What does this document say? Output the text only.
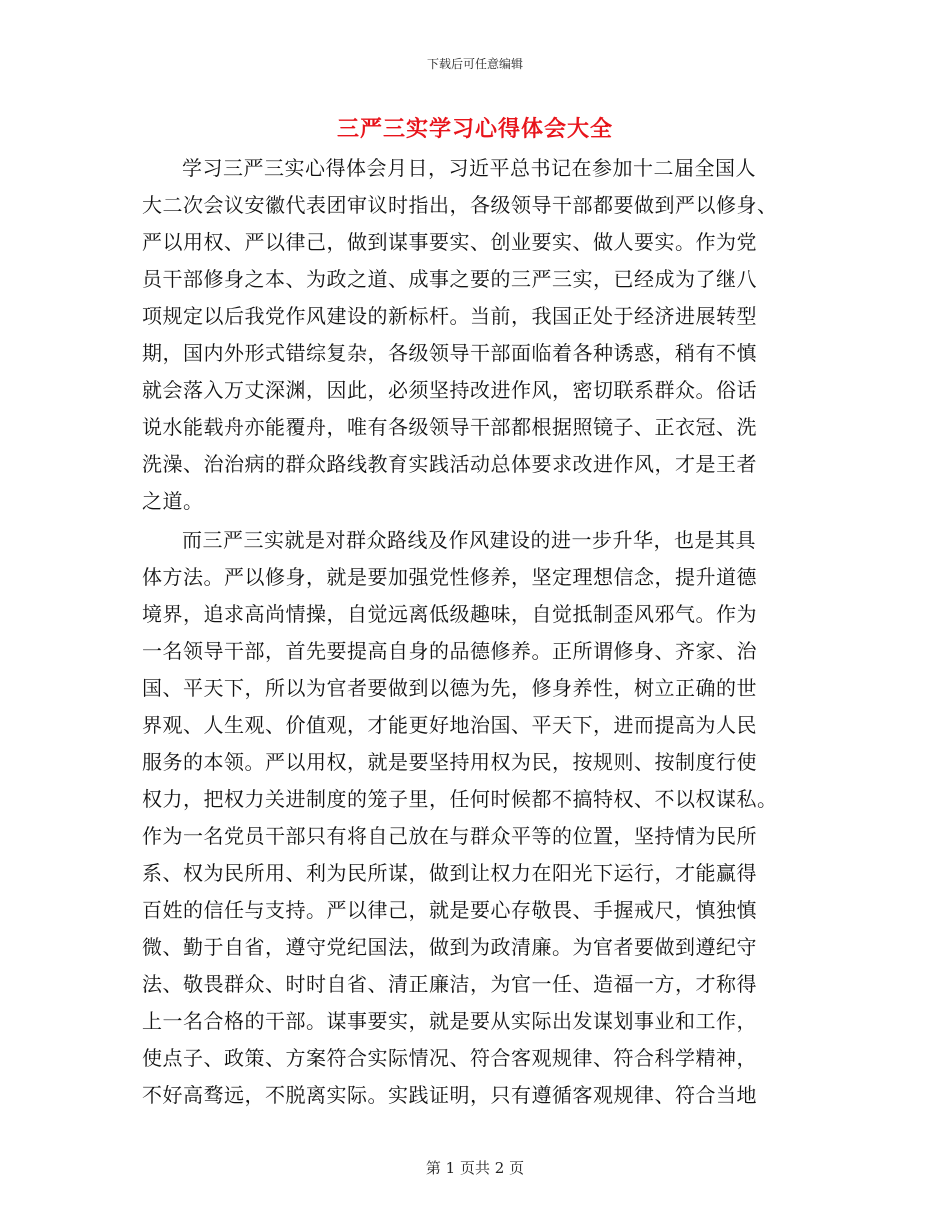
下载后可任意编辑
三严三实学习心得体会大全
学习三严三实心得体会月日，习近平总书记在参加十二届全国人
大二次会议安徽代表团审议时指出，各级领导干部都要做到严以修身、
严以用权、严以律己，做到谋事要实、创业要实、做人要实。作为党
员干部修身之本、为政之道、成事之要的三严三实，已经成为了继八
项规定以后我党作风建设的新标杆。当前，我国正处于经济进展转型
期，国内外形式错综复杂，各级领导干部面临着各种诱惑，稍有不慎
就会落入万丈深渊，因此，必须坚持改进作风，密切联系群众。俗话
说水能载舟亦能覆舟，唯有各级领导干部都根据照镜子、正衣冠、洗
洗澡、治治病的群众路线教育实践活动总体要求改进作风，才是王者
之道。
而三严三实就是对群众路线及作风建设的进一步升华，也是其具
体方法。严以修身，就是要加强党性修养，坚定理想信念，提升道德
境界，追求高尚情操，自觉远离低级趣味，自觉抵制歪风邪气。作为
一名领导干部，首先要提高自身的品德修养。正所谓修身、齐家、治
国、平天下，所以为官者要做到以德为先，修身养性，树立正确的世
界观、人生观、价值观，才能更好地治国、平天下，进而提高为人民
服务的本领。严以用权，就是要坚持用权为民，按规则、按制度行使
权力，把权力关进制度的笼子里，任何时候都不搞特权、不以权谋私。
作为一名党员干部只有将自己放在与群众平等的位置，坚持情为民所
系、权为民所用、利为民所谋，做到让权力在阳光下运行，才能赢得
百姓的信任与支持。严以律己，就是要心存敬畏、手握戒尺，慎独慎
微、勤于自省，遵守党纪国法，做到为政清廉。为官者要做到遵纪守
法、敬畏群众、时时自省、清正廉洁，为官一任、造福一方，才称得
上一名合格的干部。谋事要实，就是要从实际出发谋划事业和工作，
使点子、政策、方案符合实际情况、符合客观规律、符合科学精神，
不好高骛远，不脱离实际。实践证明，只有遵循客观规律、符合当地
第 1 页共 2 页
